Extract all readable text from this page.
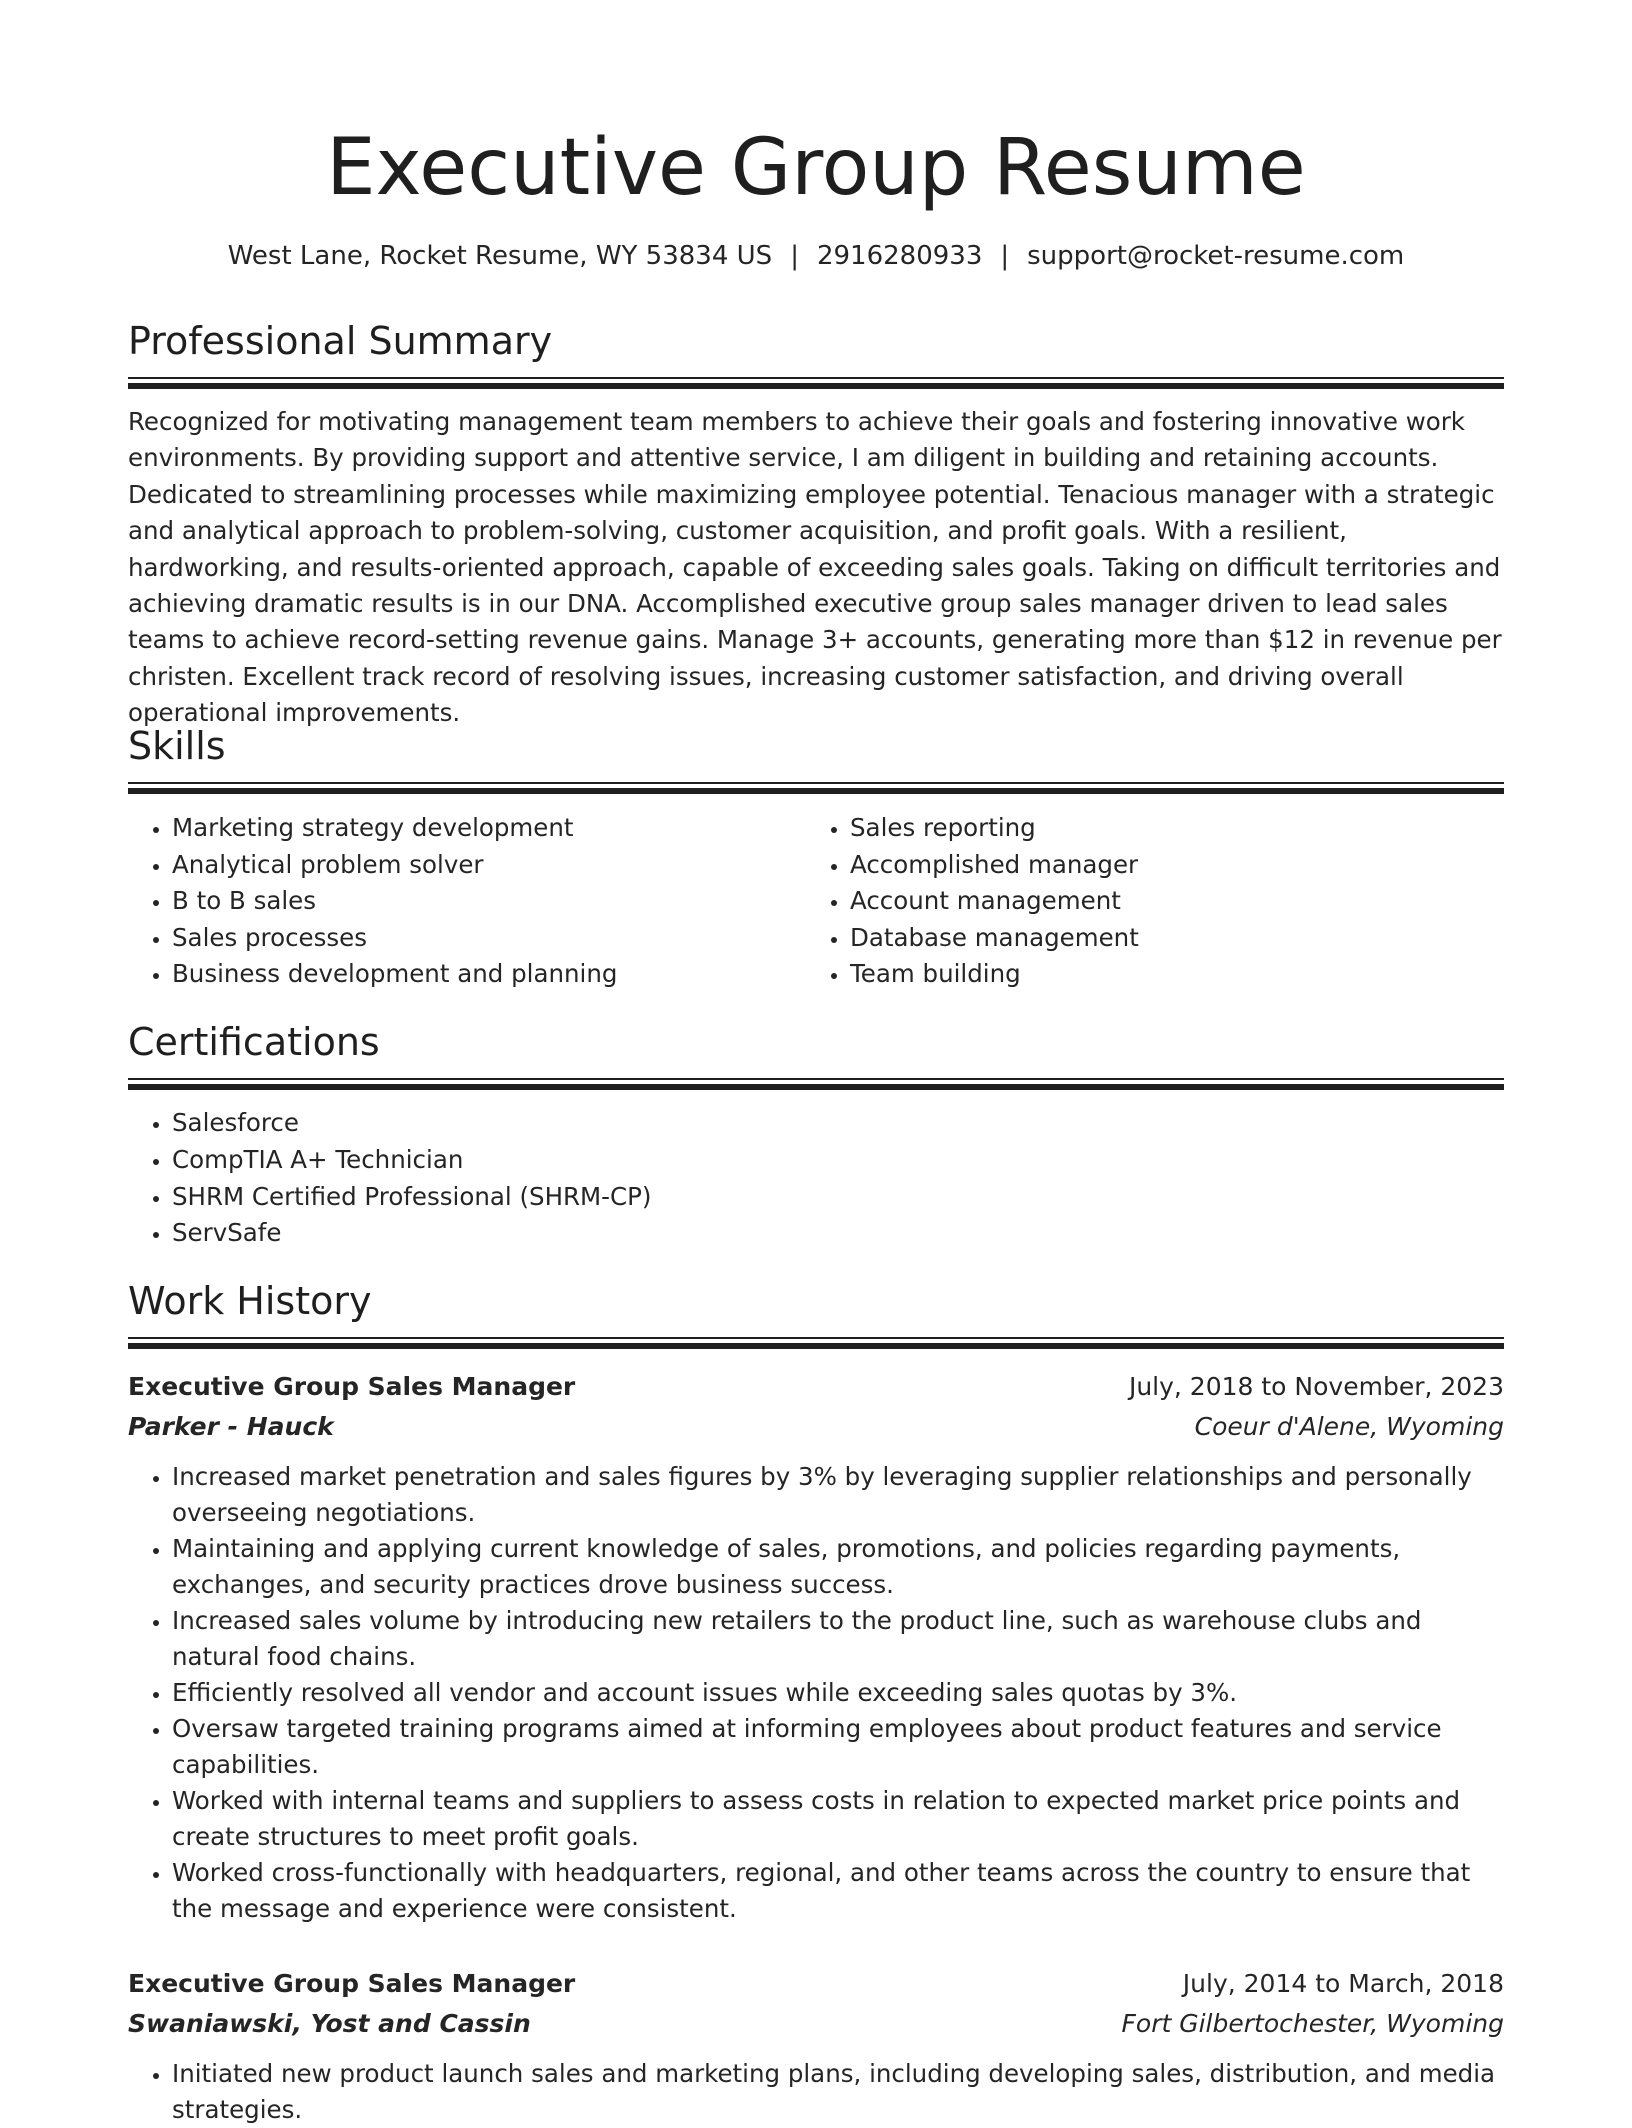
Executive Group Resume
West Lane, Rocket Resume, WY 53834 US | 2916280933 | support@rocket-resume.com
Professional Summary

Recognized for motivating management team members to achieve their goals and fostering innovative work environments. By providing support and attentive service, I am diligent in building and retaining accounts. Dedicated to streamlining processes while maximizing employee potential. Tenacious manager with a strategic and analytical approach to problem-solving, customer acquisition, and profit goals. With a resilient, hardworking, and results-oriented approach, capable of exceeding sales goals. Taking on difficult territories and achieving dramatic results is in our DNA. Accomplished executive group sales manager driven to lead sales teams to achieve record-setting revenue gains. Manage 3+ accounts, generating more than $12 in revenue per christen. Excellent track record of resolving issues, increasing customer satisfaction, and driving overall operational improvements.

Skills
• Marketing strategy development
• Analytical problem solver
• B to B sales
• Sales processes
• Business development and planning
• Sales reporting
• Accomplished manager
• Account management
• Database management
• Team building
Certifications
• Salesforce
• CompTIA A+ Technician
• SHRM Certified Professional (SHRM-CP)
• ServSafe
Work History
Executive Group Sales Manager	July, 2018 to November, 2023
Parker - Hauck	Coeur d'Alene, Wyoming
• Increased market penetration and sales figures by 3% by leveraging supplier relationships and personally overseeing negotiations.
• Maintaining and applying current knowledge of sales, promotions, and policies regarding payments, exchanges, and security practices drove business success.
• Increased sales volume by introducing new retailers to the product line, such as warehouse clubs and natural food chains.
• Efficiently resolved all vendor and account issues while exceeding sales quotas by 3%.
• Oversaw targeted training programs aimed at informing employees about product features and service capabilities.
• Worked with internal teams and suppliers to assess costs in relation to expected market price points and create structures to meet profit goals.
• Worked cross-functionally with headquarters, regional, and other teams across the country to ensure that the message and experience were consistent.
Executive Group Sales Manager	July, 2014 to March, 2018
Swaniawski, Yost and Cassin	Fort Gilbertochester, Wyoming
• Initiated new product launch sales and marketing plans, including developing sales, distribution, and media strategies.
